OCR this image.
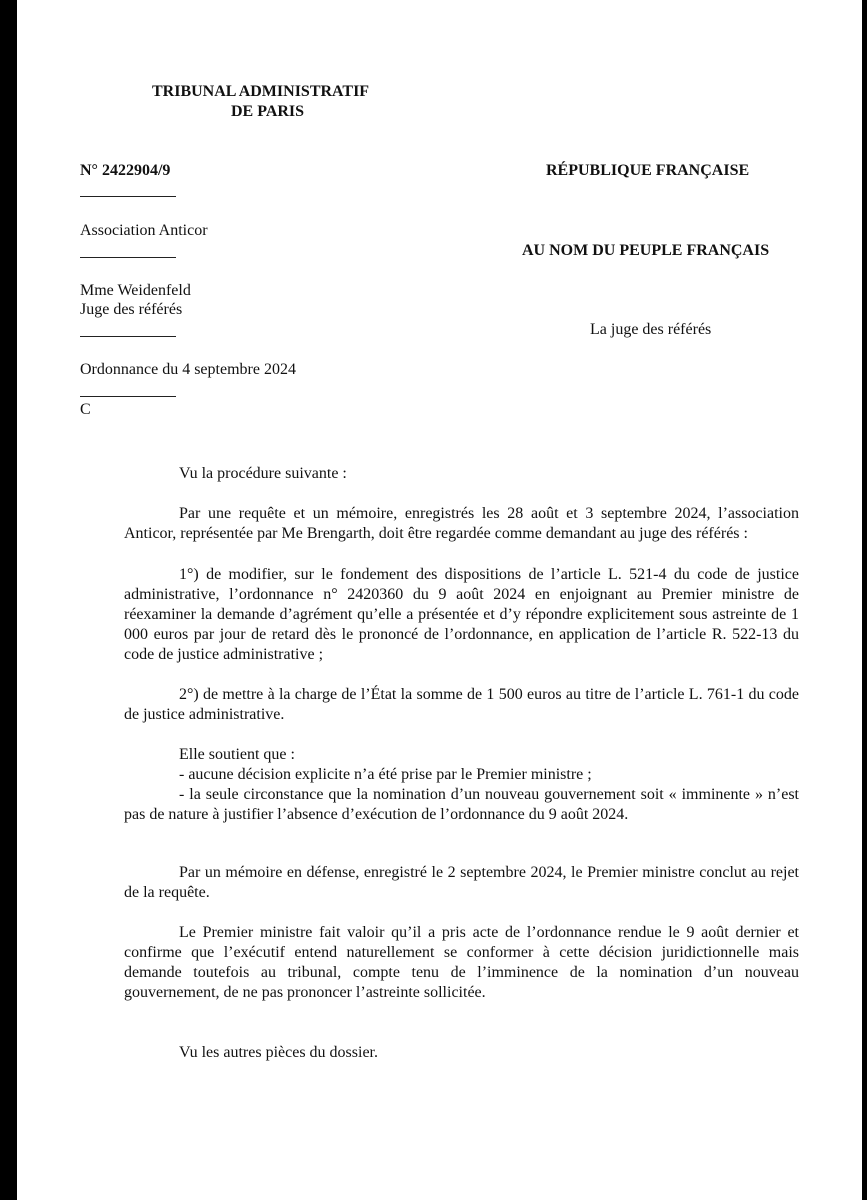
TRIBUNAL ADMINISTRATIF
DE PARIS
N° 2422904/9	RÉPUBLIQUE FRANÇAISE
Association Anticor
AU NOM DU PEUPLE FRANÇAIS
Mme Weidenfeld
Juge des référés
La juge des référés
Ordonnance du 4 septembre 2024
C
Vu la procédure suivante :
Par une requête et un mémoire, enregistrés les 28 août et 3 septembre 2024, l’association Anticor, représentée par Me Brengarth, doit être regardée comme demandant au juge des référés :
1°) de modifier, sur le fondement des dispositions de l’article L. 521-4 du code de justice administrative, l’ordonnance n° 2420360 du 9 août 2024 en enjoignant au Premier ministre de réexaminer la demande d’agrément qu’elle a présentée et d’y répondre explicitement sous astreinte de 1 000 euros par jour de retard dès le prononcé de l’ordonnance, en application de l’article R. 522-13 du code de justice administrative ;
2°) de mettre à la charge de l’État la somme de 1 500 euros au titre de l’article L. 761-1 du code de justice administrative.
Elle soutient que :
- aucune décision explicite n’a été prise par le Premier ministre ;
- la seule circonstance que la nomination d’un nouveau gouvernement soit « imminente » n’est pas de nature à justifier l’absence d’exécution de l’ordonnance du 9 août 2024.
Par un mémoire en défense, enregistré le 2 septembre 2024, le Premier ministre conclut au rejet de la requête.
Le Premier ministre fait valoir qu’il a pris acte de l’ordonnance rendue le 9 août dernier et confirme que l’exécutif entend naturellement se conformer à cette décision juridictionnelle mais demande toutefois au tribunal, compte tenu de l’imminence de la nomination d’un nouveau gouvernement, de ne pas prononcer l’astreinte sollicitée.
Vu les autres pièces du dossier.
